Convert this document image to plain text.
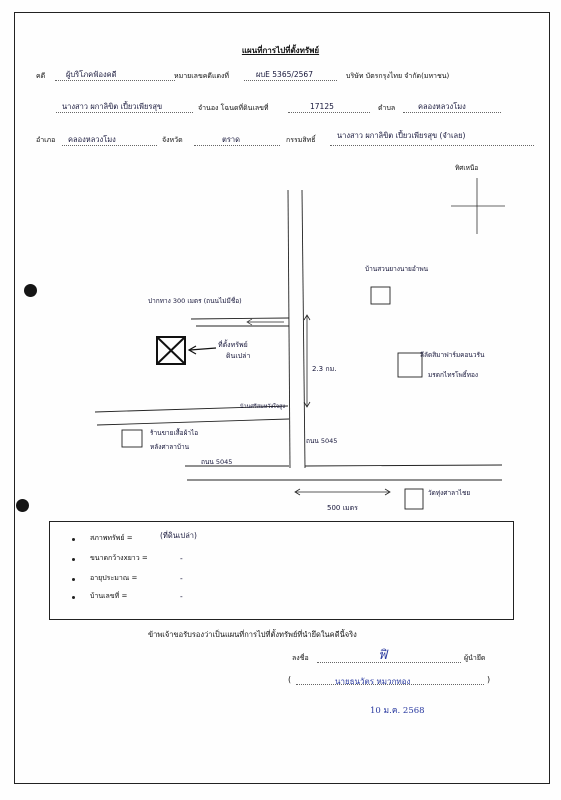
แผนที่การไปที่ตั้งทรัพย์
คดี	ผู้บริโภคฟ้องคดี	หมายเลขคดีแดงที่	ผบE 5365/2567	บริษัท บัตรกรุงไทย จำกัด(มหาชน)
นางสาว ผกาลิขิต เปี้ยวเพียรสุข	จำนอง โฉนดที่ดินเลขที่	17125	ตำบล	คลองหลวงโมง
อำเภอ คลองหลวงโมง	จังหวัด	ตราด	กรรมสิทธิ์	นางสาว ผกาลิขิต เปี้ยวเพียรสุข (จำเลย)
ทิศเหนือ
บ้านสวนยางนายอำพน
ปากทาง 300 เมตร (ถนนไม่มีชื่อ)
ที่ตั้งทรัพย์
ดินเปล่า
2.3 กม.
ลีลัดสิมาฟาร์มคอนวรัน
มรดกไทรโพธิ์ทอง
บ้านศรีสมหวังใจสูง
ร้านขายเสื้อผ้าไอ
หลังศาลาบ้าน
ถนน 5045
ถนน 5045
500 เมตร
วัดทุ่งศาลาไชย
สภาพทรัพย์ =	(ที่ดินเปล่า)
ขนาดกว้างxยาว =	-
อายุประมาณ =	-
บ้านเลขที่ =	-
ข้าพเจ้าขอรับรองว่าเป็นแผนที่การไปที่ตั้งทรัพย์ที่นำยึดในคดีนี้จริง
ลงชื่อ	ฟิ	ผู้นำยึด
(	นายธนวัตร หมวกทอง	)
10 ม.ค. 2568
